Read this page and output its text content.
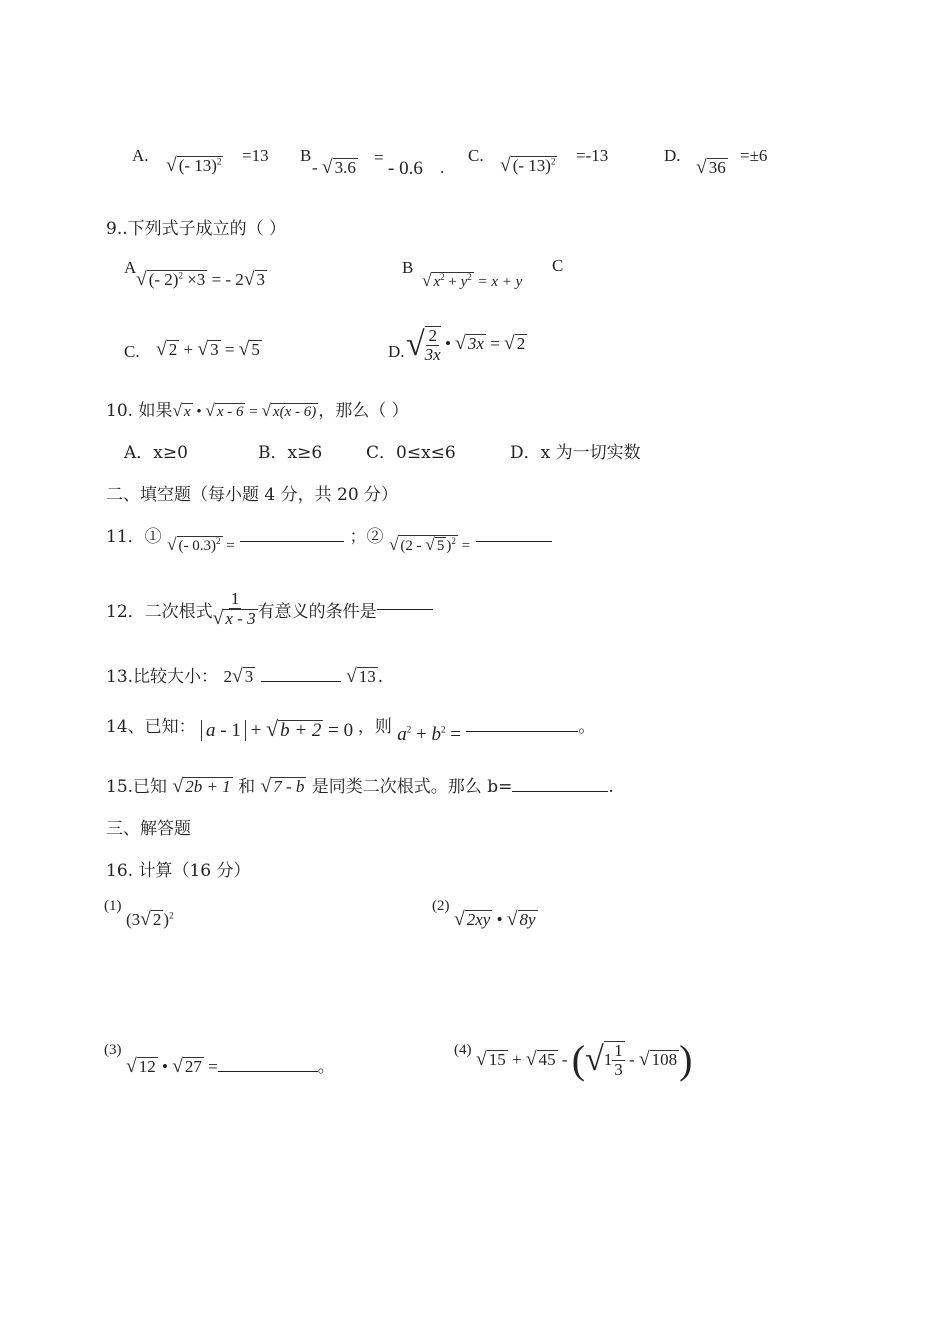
A. √ (- 13)$^2$ =13 B
- √ 3.6
=
- 0.6 .
C. √ (- 13)$^2$ =-13	D.
√ 36
=±6
9..下列式子成立的（ ）
A
√ (- 2)$^2$ ×3 = - 2√ 3
B
√ $x^2 + y^2 = x + y$
C
C. √ 2 + √ 3 = √ 5	D. √ $\frac{2}{3x}$ • √ 3x = √ 2
10. 如果√ x • √ x - 6 = √ x(x - 6) ，那么（ ）
A．x≥0	B．x≥6	C．0≤x≤6	D．x 为一切实数
二、填空题（每小题 4 分，共 20 分）
11．① √ (- 0.3)$^2$ =	；② √ (2 - √ 5 )$^2$ =
12．二次根式 $\frac{1}{√ x - 3}$ 有意义的条件是
13.比较大小： 2√ 3	√ 13 .
14、已知： a - 1 + √ b + 2 = 0 ，则 $a^2 + b^2$ =	。
15.已知 √ 2b + 1 和 √ 7 - b 是同类二次根式。那么 b=	.
三、解答题
16. 计算（16 分）
(1)
(3√ 2 )$^2$
(2)
√ 2xy • √ 8y
(3)
√ 12 • √ 27 =	。
(4) √ 15 + √ 45 - (√ $1 \frac{1}{3}$ - √ 108)
